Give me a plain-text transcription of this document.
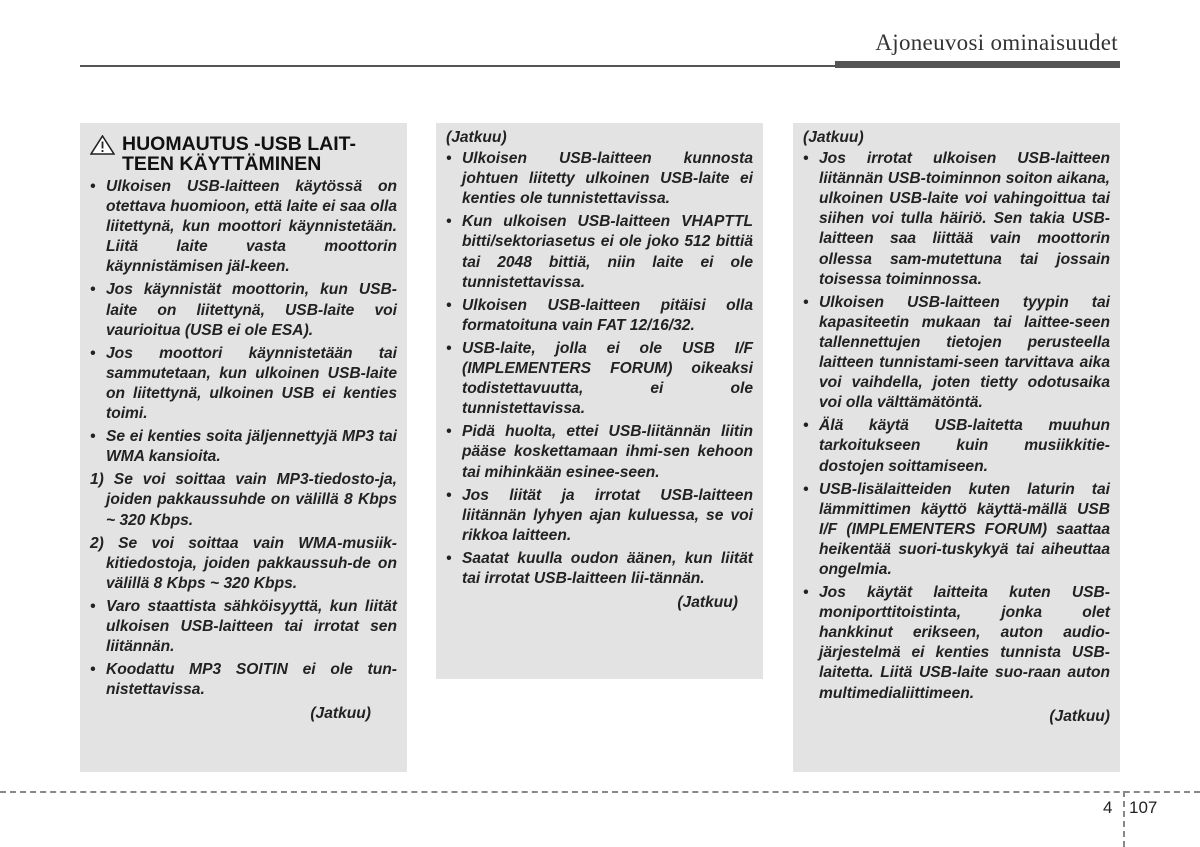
Ajoneuvosi ominaisuudet
HUOMAUTUS -USB LAIT-TEEN KÄYTTÄMINEN
• Ulkoisen USB-laitteen käytössä on otettava huomioon, että laite ei saa olla liitettynä, kun moottori käynnistetään. Liitä laite vasta moottorin käynnistämisen jäl-keen.
• Jos käynnistät moottorin, kun USB-laite on liitettynä, USB-laite voi vaurioitua (USB ei ole ESA).
• Jos moottori käynnistetään tai sammutetaan, kun ulkoinen USB-laite on liitettynä, ulkoinen USB ei kenties toimi.
• Se ei kenties soita jäljennettyjä MP3 tai WMA kansioita.
1) Se voi soittaa vain MP3-tiedosto-ja, joiden pakkaussuhde on välillä 8 Kbps ~ 320 Kbps.
2) Se voi soittaa vain WMA-musiik-kitiedostoja, joiden pakkaussuh-de on välillä 8 Kbps ~ 320 Kbps.
• Varo staattista sähköisyyttä, kun liität ulkoisen USB-laitteen tai irrotat sen liitännän.
• Koodattu MP3 SOITIN ei ole tun-nistettavissa.
(Jatkuu)
(Jatkuu)
• Ulkoisen USB-laitteen kunnosta johtuen liitetty ulkoinen USB-laite ei kenties ole tunnistettavissa.
• Kun ulkoisen USB-laitteen VHAPTTL bitti/sektoriasetus ei ole joko 512 bittiä tai 2048 bittiä, niin laite ei ole tunnistettavissa.
• Ulkoisen USB-laitteen pitäisi olla formatoituna vain FAT 12/16/32.
• USB-laite, jolla ei ole USB I/F (IMPLEMENTERS FORUM) oikeaksi todistettavuutta, ei ole tunnistettavissa.
• Pidä huolta, ettei USB-liitännän liitin pääse koskettamaan ihmi-sen kehoon tai mihinkään esinee-seen.
• Jos liität ja irrotat USB-laitteen liitännän lyhyen ajan kuluessa, se voi rikkoa laitteen.
• Saatat kuulla oudon äänen, kun liität tai irrotat USB-laitteen lii-tännän.
(Jatkuu)
(Jatkuu)
• Jos irrotat ulkoisen USB-laitteen liitännän USB-toiminnon soiton aikana, ulkoinen USB-laite voi vahingoittua tai siihen voi tulla häiriö. Sen takia USB-laitteen saa liittää vain moottorin ollessa sam-mutettuna tai jossain toisessa toiminnossa.
• Ulkoisen USB-laitteen tyypin tai kapasiteetin mukaan tai laittee-seen tallennettujen tietojen perusteella laitteen tunnistami-seen tarvittava aika voi vaihdella, joten tietty odotusaika voi olla välttämätöntä.
• Älä käytä USB-laitetta muuhun tarkoitukseen kuin musiikkitie-dostojen soittamiseen.
• USB-lisälaitteiden kuten laturin tai lämmittimen käyttö käyttä-mällä USB I/F (IMPLEMENTERS FORUM) saattaa heikentää suori-tuskykyä tai aiheuttaa ongelmia.
• Jos käytät laitteita kuten USB-moniporttitoistinta, jonka olet hankkinut erikseen, auton audio-järjestelmä ei kenties tunnista USB-laitetta. Liitä USB-laite suo-raan auton multimedialiittimeen.
(Jatkuu)
4 107
